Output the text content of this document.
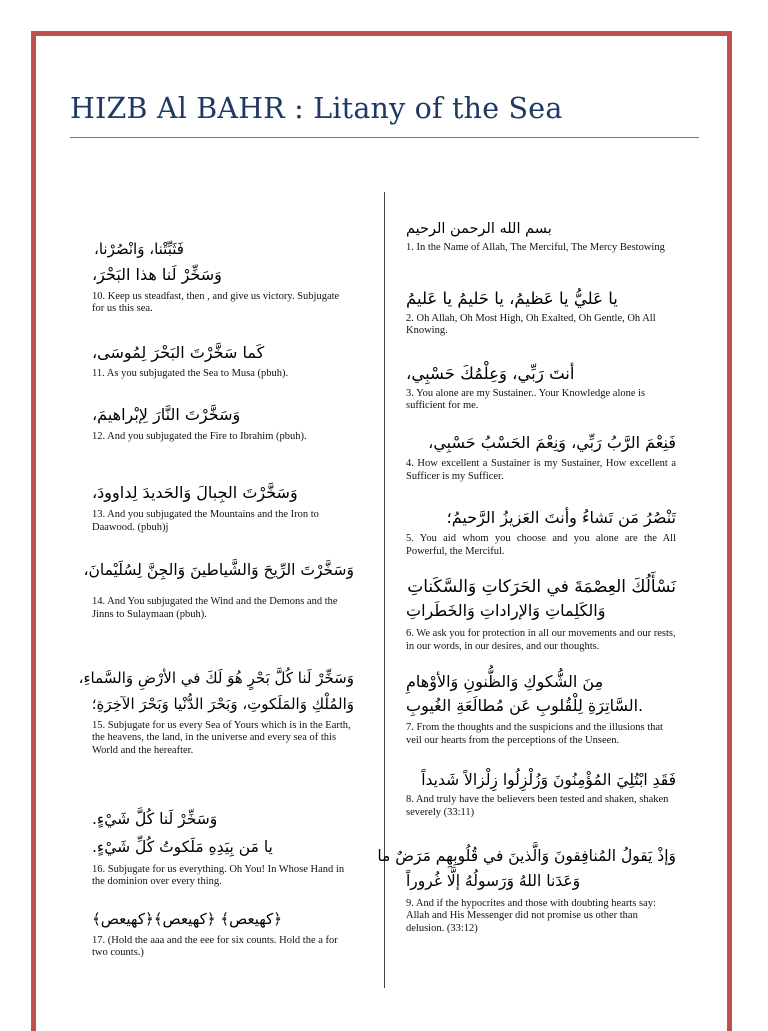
HIZB Al BAHR : Litany of the Sea

بسم الله الرحمن الرحيم

1. In the Name of Allah, The Merciful, The Mercy Bestowing

يا عَليُّ يا عَظيمُ، يا حَليمُ يا عَليمُ

2. Oh Allah, Oh Most High, Oh Exalted, Oh Gentle, Oh All Knowing.

أنتَ رَبِّي، وَعِلْمُكَ حَسْبِي،

3. You alone are my Sustainer.. Your Knowledge alone is sufficient for me.

فَنِعْمَ الرَّبُ رَبِّي، وَنِعْمَ الحَسْبُ حَسْبِي،

4. How excellent a Sustainer is my Sustainer, How excellent a Sufficer is my Sufficer.

تَنْصُرُ مَن تَشاءُ وأنتَ العَزيزُ الرَّحيمُ؛

5. You aid whom you choose and you alone are the All Powerful, the Merciful.

نَسْأَلُكَ العِصْمَةَ في الحَرَكاتِ وَالسَّكَناتِ

وَالكَلِماتِ وَالإراداتِ وَالخَطَراتِ

6. We ask you for protection in all our movements and our rests, in our words, in our desires, and our thoughts.

مِنَ الشُّكوكِ وَالظُّنونِ وَالأوْهامِ

.السَّاتِرَةِ لِلْقُلوبِ عَن مُطالَعَةِ الغُيوبِ

7. From the thoughts and the suspicions and the illusions that veil our hearts from the perceptions of the Unseen.

فَقَدِ ابْتُلِيَ المُؤْمِنُونَ وَزُلْزِلُوا زِلْزالاً شَديداً

8. And truly have the believers been tested and shaken, shaken severely (33:11)

وَإذْ يَقولُ المُنافِقونَ وَالَّذينَ في قُلُوبِهِم مَرَضٌ ما

وَعَدَنا اللهُ وَرَسولُهُ إلَّا غُروراً

9. And if the hypocrites and those with doubting hearts say: Allah and His Messenger did not promise us other than delusion. (33:12)

فَثَبِّتْنا، وَانْصُرْنا،

وَسَخِّرْ لَنا هذا البَحْرَ،

10. Keep us steadfast, then , and give us victory. Subjugate for us this sea.

كَما سَخَّرْتَ البَحْرَ لِمُوسَى،

11. As you subjugated the Sea to Musa (pbuh).

وَسَخَّرْتَ النَّارَ لِإبْراهيمَ،

12. And you subjugated the Fire to Ibrahim (pbuh).

وَسَخَّرْتَ الجِبالَ وَالحَديدَ لِداوودَ،

13. And you subjugated the Mountains and the Iron to Daawood. (pbuh)j

وَسَخَّرْتَ الرِّيحَ وَالشَّياطينَ وَالجِنَّ لِسُلَيْمانَ،

14. And You subjugated the Wind and the Demons and the Jinns to Sulaymaan (pbuh).

وَسَخِّرْ لَنا كُلَّ بَحْرٍ هُوَ لَكَ في الأرْضِ وَالسَّماءِ،

وَالمُلْكِ وَالمَلَكوتِ، وَبَحْرَ الدُّنْيا وَبَحْرَ الآخِرَةِ؛

15. Subjugate for us every Sea of Yours which is in the Earth, the heavens, the land, in the universe and every sea of this World and the hereafter.

وَسَخِّرْ لَنا كُلَّ شَيْءٍ.

يا مَن بِيَدِهِ مَلَكوتُ كُلِّ شَيْءٍ.

16. Subjugate for us everything. Oh You! In Whose Hand in the dominion over every thing.

﴿كهيعص﴾ ﴿كهيعص﴾﴿كهيعص﴾

17. (Hold the aaa and the eee for six counts. Hold the a for two counts.)
